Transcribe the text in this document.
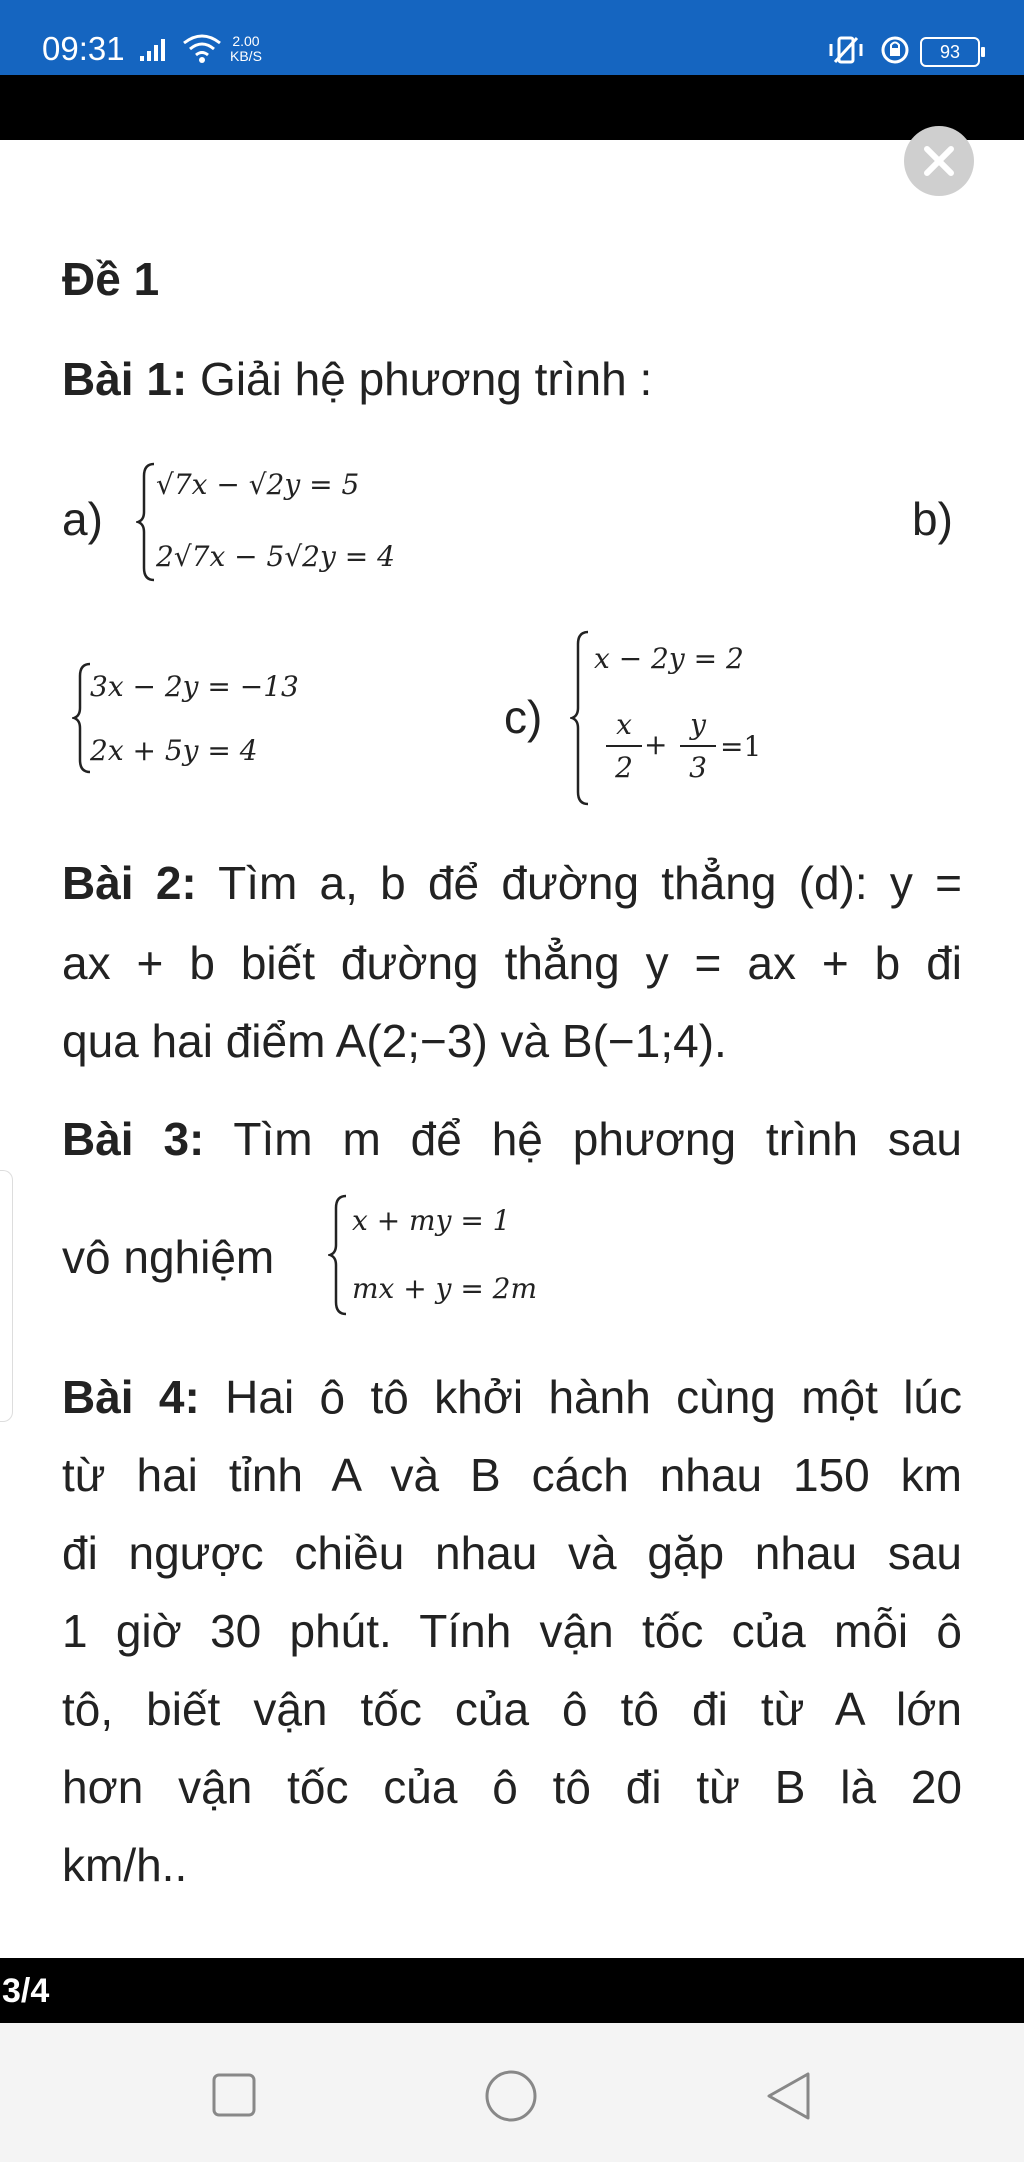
09:31	2.00
KB/S	93
Đề 1
Bài 1: Giải hệ phương trình :
a)
√7x − √2y = 5
2√7x − 5√2y = 4
b)
3x − 2y = −13
2x + 5y = 4
c)
x − 2y = 2
x
2
+
y
3
=1
Bài 2: Tìm a, b để đường thẳng (d): y =
ax + b biết đường thẳng y = ax + b đi
qua hai điểm A(2;−3) và B(−1;4).
Bài 3: Tìm m để hệ phương trình sau
vô nghiệm
x + my = 1
mx + y = 2m
Bài 4: Hai ô tô khởi hành cùng một lúc
từ hai tỉnh A và B cách nhau 150 km
đi ngược chiều nhau và gặp nhau sau
1 giờ 30 phút. Tính vận tốc của mỗi ô
tô, biết vận tốc của ô tô đi từ A lớn
hơn vận tốc của ô tô đi từ B là 20
km/h..
3/4
